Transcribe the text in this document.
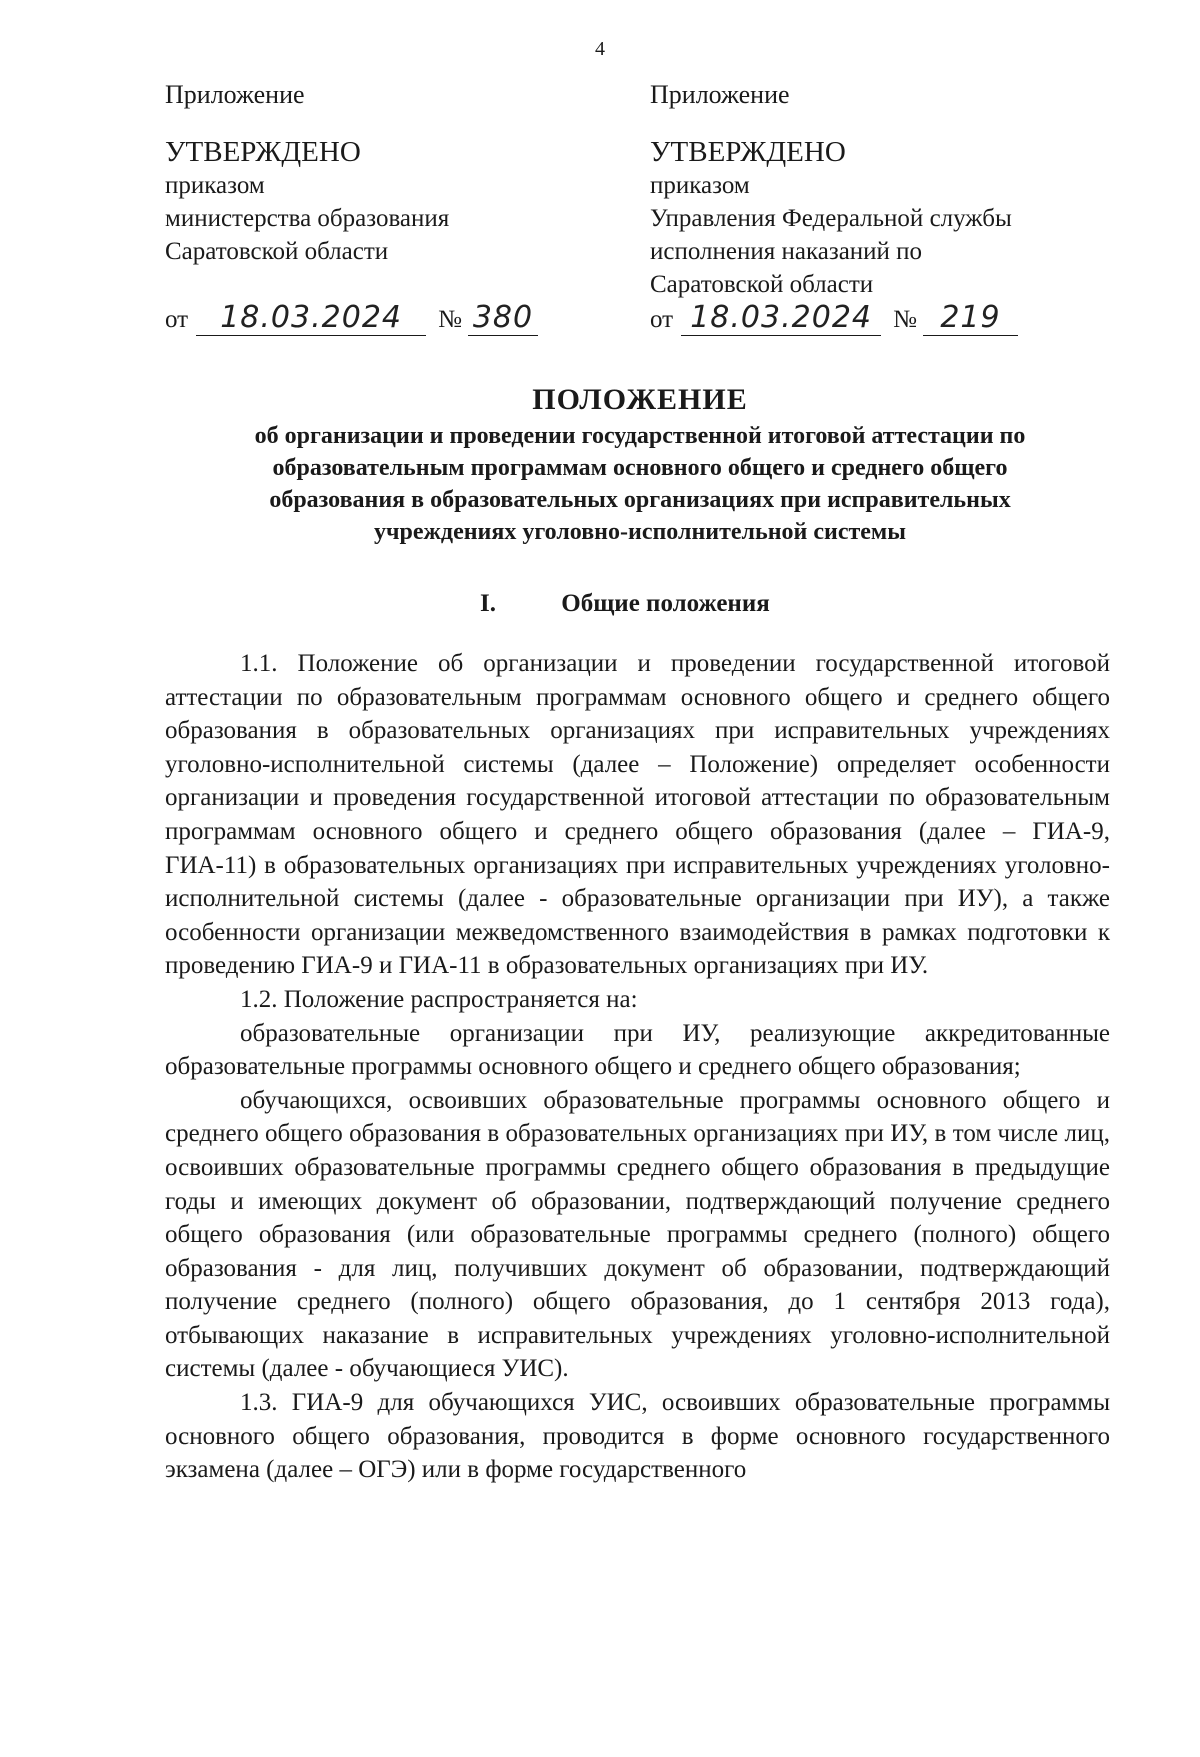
4
Приложение
УТВЕРЖДЕНО
приказом
министерства образования
Саратовской области
от	18.03.2024	№ 380
Приложение
УТВЕРЖДЕНО
приказом
Управления Федеральной службы
исполнения наказаний по
Саратовской области
от 18.03.2024 № 219
ПОЛОЖЕНИЕ
об организации и проведении государственной итоговой аттестации по
образовательным программам основного общего и среднего общего
образования в образовательных организациях при исправительных
учреждениях уголовно-исполнительной системы
I.	Общие положения

1.1. Положение об организации и проведении государственной итоговой аттестации по образовательным программам основного общего и среднего общего образования в образовательных организациях при исправительных учреждениях уголовно-исполнительной системы (далее – Положение) определяет особенности организации и проведения государственной итоговой аттестации по образовательным программам основного общего и среднего общего образования (далее – ГИА-9, ГИА-11) в образовательных организациях при исправительных учреждениях уголовно-исполнительной системы (далее - образовательные организации при ИУ), а также особенности организации межведомственного взаимодействия в рамках подготовки к проведению ГИА-9 и ГИА-11 в образовательных организациях при ИУ.

1.2. Положение распространяется на:

образовательные организации при ИУ, реализующие аккредитованные образовательные программы основного общего и среднего общего образования;

обучающихся, освоивших образовательные программы основного общего и среднего общего образования в образовательных организациях при ИУ, в том числе лиц, освоивших образовательные программы среднего общего образования в предыдущие годы и имеющих документ об образовании, подтверждающий получение среднего общего образования (или образовательные программы среднего (полного) общего образования - для лиц, получивших документ об образовании, подтверждающий получение среднего (полного) общего образования, до 1 сентября 2013 года), отбывающих наказание в исправительных учреждениях уголовно-исполнительной системы (далее - обучающиеся УИС).

1.3. ГИА-9 для обучающихся УИС, освоивших образовательные программы основного общего образования, проводится в форме основного государственного экзамена (далее – ОГЭ) или в форме государственного
